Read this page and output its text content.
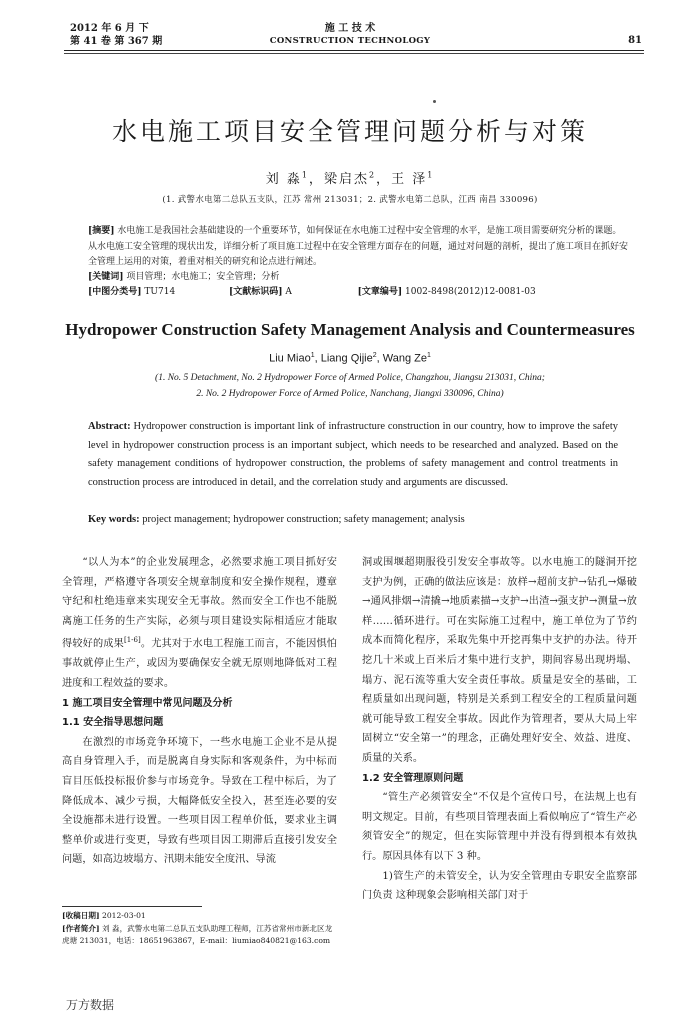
2012 年 6 月 下
第 41 卷 第 367 期
施 工 技 术
CONSTRUCTION TECHNOLOGY	81
水电施工项目安全管理问题分析与对策
刘 淼$^1$，梁启杰$^2$，王 泽$^1$
(1. 武警水电第二总队五支队，江苏 常州 213031；2. 武警水电第二总队，江西 南昌 330096)
[摘要] 水电施工是我国社会基础建设的一个重要环节，如何保证在水电施工过程中安全管理的水平，是施工项目需要研究分析的课题。从水电施工安全管理的现状出发，详细分析了项目施工过程中在安全管理方面存在的问题，通过对问题的剖析，提出了施工项目在抓好安全管理上运用的对策，着重对相关的研究和论点进行阐述。
[关键词] 项目管理；水电施工；安全管理；分析
[中图分类号] TU714	[文献标识码] A	[文章编号] 1002-8498(2012)12-0081-03
Hydropower Construction Safety Management Analysis and Countermeasures
Liu Miao$^1$, Liang Qijie$^2$, Wang Ze$^1$
(1. No. 5 Detachment, No. 2 Hydropower Force of Armed Police, Changzhou, Jiangsu 213031, China;
2. No. 2 Hydropower Force of Armed Police, Nanchang, Jiangxi 330096, China)
Abstract: Hydropower construction is important link of infrastructure construction in our country, how to improve the safety level in hydropower construction process is an important subject, which needs to be researched and analyzed. Based on the safety management conditions of hydropower construction, the problems of safety management and control treatments in construction process are introduced in detail, and the correlation study and arguments are discussed.
Key words: project management; hydropower construction; safety management; analysis

“以人为本”的企业发展理念，必然要求施工项目抓好安全管理，严格遵守各项安全规章制度和安全操作规程，遵章守纪和杜绝违章来实现安全无事故。然而安全工作也不能脱离施工任务的生产实际，必须与项目建设实际相适应才能取得较好的成果[1-6]。尤其对于水电工程施工而言，不能因惧怕事故就停止生产，或因为要确保安全就无原则地降低对工程进度和工程效益的要求。

1 施工项目安全管理中常见问题及分析

1.1 安全指导思想问题

在激烈的市场竞争环境下，一些水电施工企业不是从提高自身管理入手，而是脱离自身实际和客观条件，为中标而盲目压低投标报价参与市场竞争。导致在工程中标后，为了降低成本、减少亏损，大幅降低安全投入，甚至连必要的安全设施都未进行设置。一些项目因工程单价低，要求业主调整单价或进行变更，导致有些项目因工期滞后直接引发安全问题，如高边坡塌方、汛期未能安全度汛、导流

洞或围堰超期服役引发安全事故等。以水电施工的隧洞开挖支护为例，正确的做法应该是：放样→超前支护→钻孔→爆破→通风排烟→清撬→地质素描→支护→出渣→强支护→测量→放样……循环进行。可在实际施工过程中，施工单位为了节约成本而简化程序，采取先集中开挖再集中支护的办法。待开挖几十米或上百米后才集中进行支护，期间容易出现坍塌、塌方、泥石流等重大安全责任事故。质量是安全的基础，工程质量如出现问题，特别是关系到工程安全的工程质量问题就可能导致工程安全事故。因此作为管理者，要从大局上牢固树立“安全第一”的理念，正确处理好安全、效益、进度、质量的关系。

1.2 安全管理原则问题

“管生产必须管安全”不仅是个宣传口号，在法规上也有明文规定。目前，有些项目管理表面上看似响应了“管生产必须管安全”的规定，但在实际管理中并没有得到根本有效执行。原因具体有以下 3 种。

1)管生产的未管安全，认为安全管理由专职安全监察部门负责 这种现象会影响相关部门对于

[收稿日期] 2012-03-01
[作者简介] 刘 淼，武警水电第二总队五支队助理工程师，江苏省常州市新北区龙虎塘 213031，电话：18651963867，E-mail：liumiao840821@163.com
万方数据
